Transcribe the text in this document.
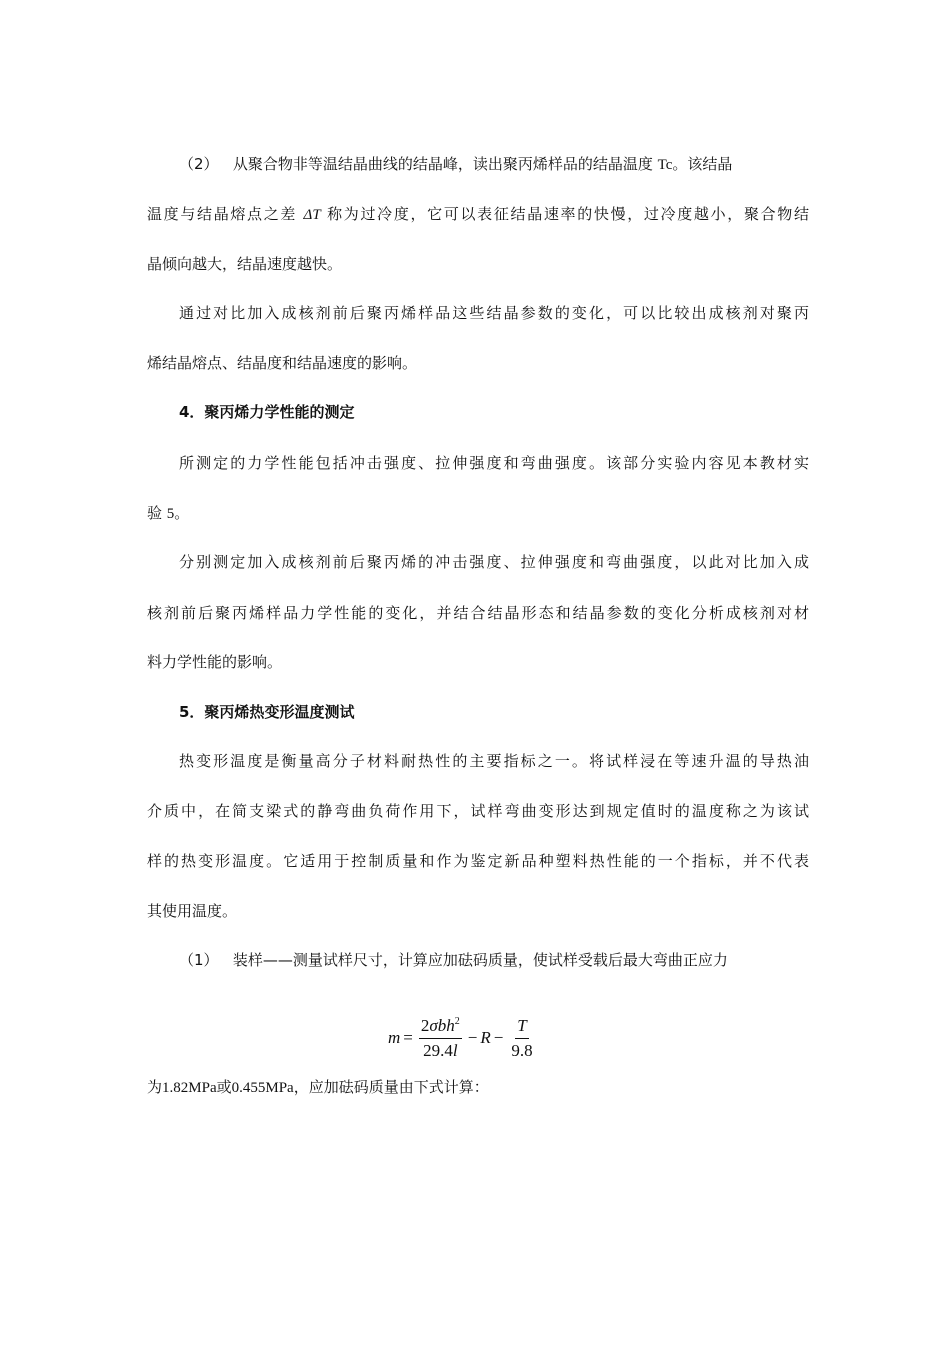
（2） 从聚合物非等温结晶曲线的结晶峰，读出聚丙烯样品的结晶温度 Tc。该结晶
温度与结晶熔点之差 ΔT 称为过冷度，它可以表征结晶速率的快慢，过冷度越小，聚合物结
晶倾向越大，结晶速度越快。
通过对比加入成核剂前后聚丙烯样品这些结晶参数的变化，可以比较出成核剂对聚丙
烯结晶熔点、结晶度和结晶速度的影响。
4．聚丙烯力学性能的测定
所测定的力学性能包括冲击强度、拉伸强度和弯曲强度。该部分实验内容见本教材实
验 5。
分别测定加入成核剂前后聚丙烯的冲击强度、拉伸强度和弯曲强度，以此对比加入成
核剂前后聚丙烯样品力学性能的变化，并结合结晶形态和结晶参数的变化分析成核剂对材
料力学性能的影响。
5．聚丙烯热变形温度测试
热变形温度是衡量高分子材料耐热性的主要指标之一。将试样浸在等速升温的导热油
介质中，在简支梁式的静弯曲负荷作用下，试样弯曲变形达到规定值时的温度称之为该试
样的热变形温度。它适用于控制质量和作为鉴定新品种塑料热性能的一个指标，并不代表
其使用温度。
（1） 装样——测量试样尺寸，计算应加砝码质量，使试样受载后最大弯曲正应力
$m = \frac{2\sigma bh^2}{29.4l} - R - \frac{T}{9.8}$
为1.82MPa或0.455MPa，应加砝码质量由下式计算：
